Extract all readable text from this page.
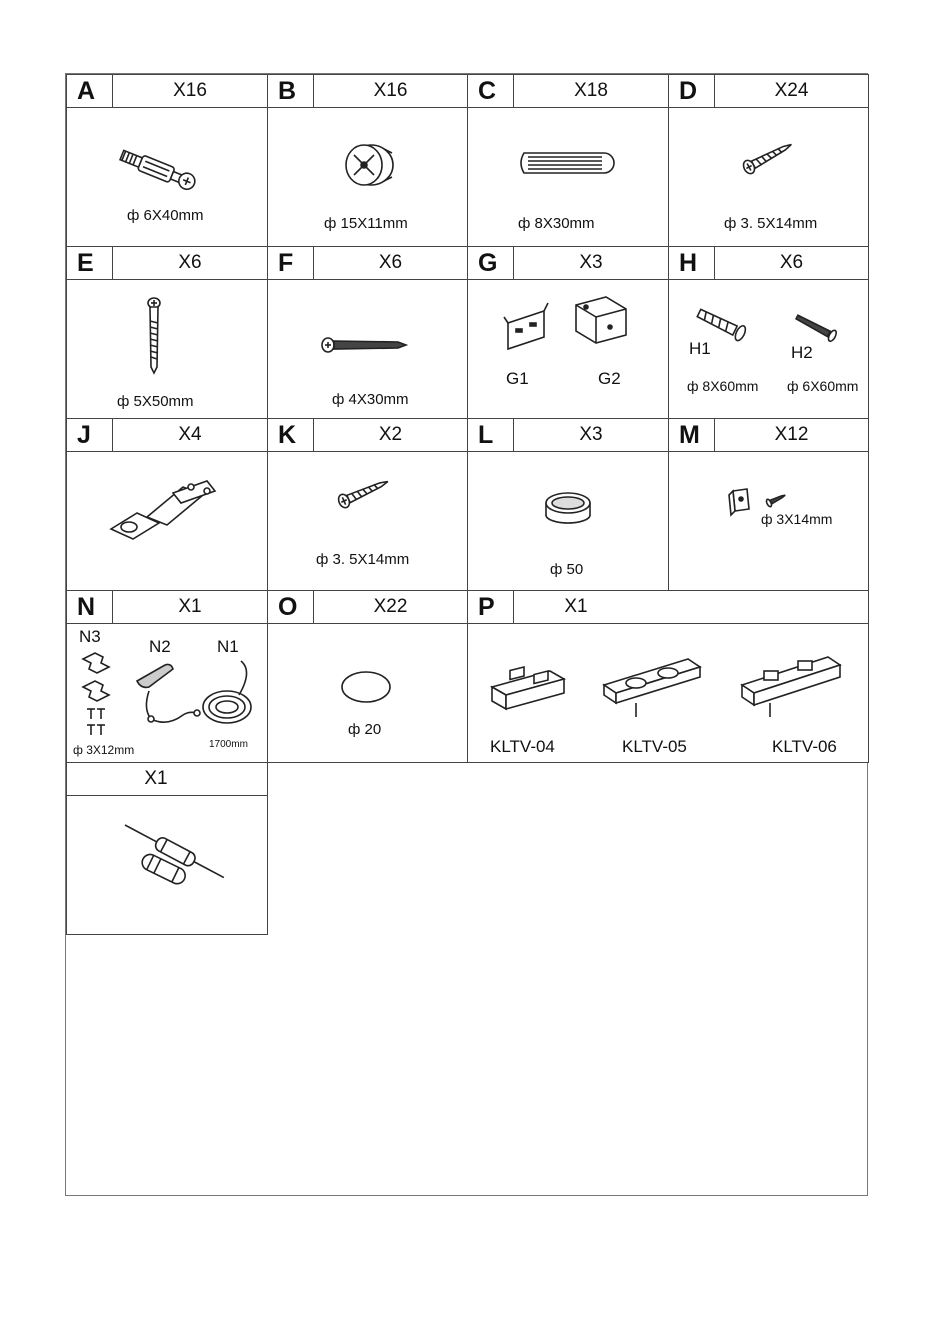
A	X16
ф 6X40mm
B	X16
ф 15X11mm
C	X18
ф 8X30mm
D	X24
ф 3. 5X14mm
E	X6
ф 5X50mm
F	X6
ф 4X30mm
G	X3
G1	G2
H	X6
H1	H2
ф 8X60mm ф 6X60mm
J	X4	K	X2
ф 3. 5X14mm
L	X3
ф 50
M	X12
ф 3X14mm
N	X1
N3
N2	N1
ф 3X12mm	1700mm
O	X22
ф 20
P	X1
KLTV-04	KLTV-05	KLTV-06
X1
